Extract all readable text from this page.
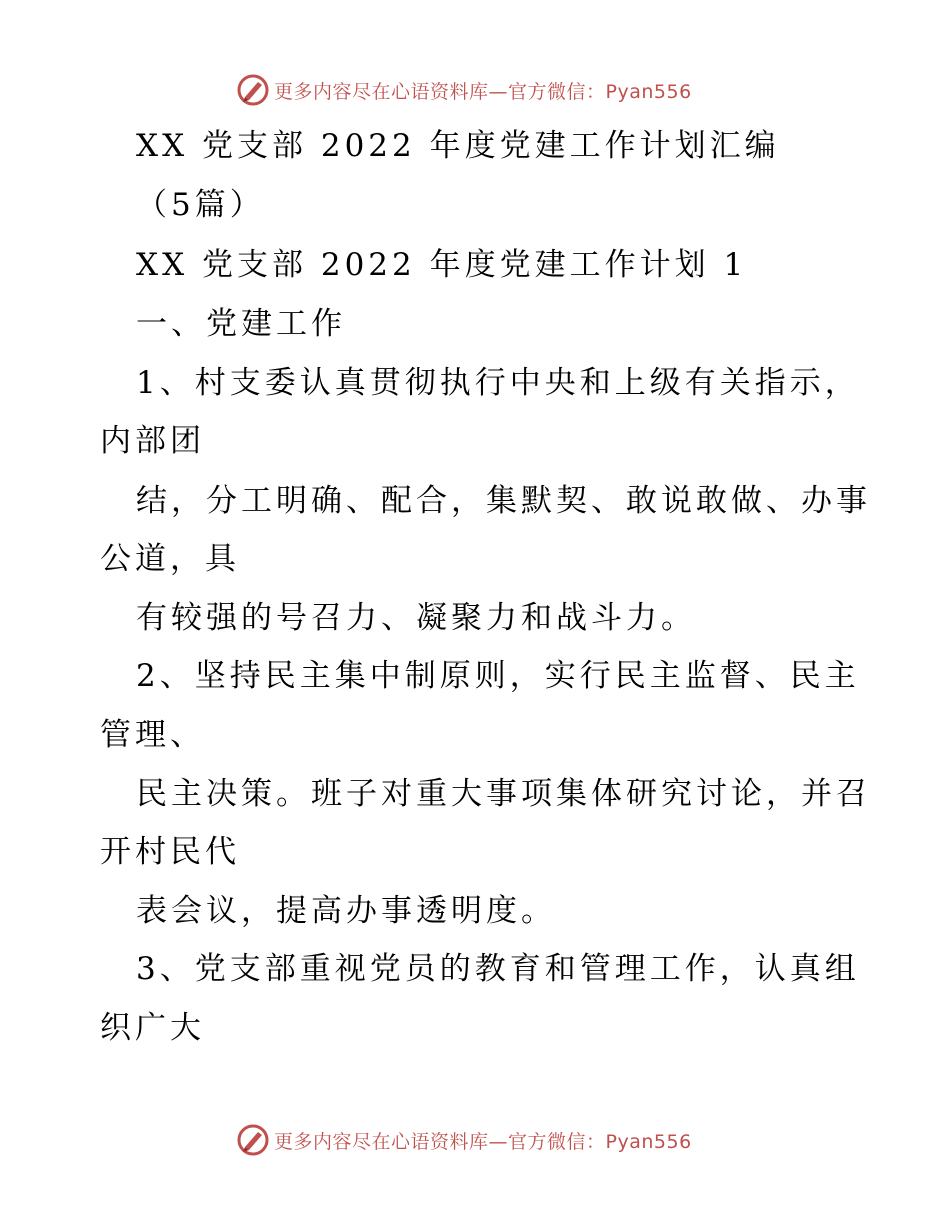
更多内容尽在心语资料库—官方微信：Pyan556
XX 党支部 2022 年度党建工作计划汇编
（5篇）
XX 党支部 2022 年度党建工作计划 1
一、党建工作
1、村支委认真贯彻执行中央和上级有关指示，
内部团
结，分工明确、配合，集默契、敢说敢做、办事
公道，具
有较强的号召力、凝聚力和战斗力。
2、坚持民主集中制原则，实行民主监督、民主
管理、
民主决策。班子对重大事项集体研究讨论，并召
开村民代
表会议，提高办事透明度。
3、党支部重视党员的教育和管理工作，认真组
织广大
更多内容尽在心语资料库—官方微信：Pyan556
